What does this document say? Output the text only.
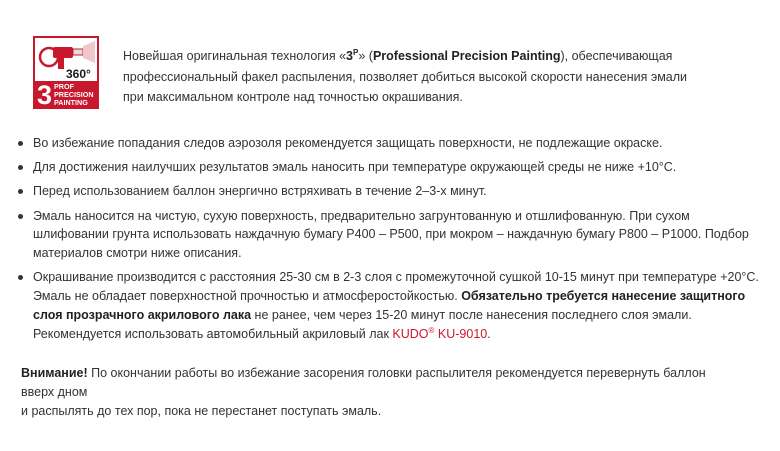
360°
3 PROF
PRECISION
PAINTING
Новейшая оригинальная технология «$3^P$» (Professional Precision Painting), обеспечивающая
профессиональный факел распыления, позволяет добиться высокой скорости нанесения эмали
при максимальном контроле над точностью окрашивания.
Во избежание попадания следов аэрозоля рекомендуется защищать поверхности, не подлежащие окраске.
Для достижения наилучших результатов эмаль наносить при температуре окружающей среды не ниже +10°C.
Перед использованием баллон энергично встряхивать в течение 2–3-х минут.
Эмаль наносится на чистую, сухую поверхность, предварительно загрунтованную и отшлифованную. При сухом шлифовании грунта использовать наждачную бумагу P400 – P500, при мокром – наждачную бумагу P800 – P1000. Подбор материалов смотри ниже описания.
Окрашивание производится с расстояния 25-30 см в 2-3 слоя с промежуточной сушкой 10-15 минут при температуре +20°C.
Эмаль не обладает поверхностной прочностью и атмосферостойкостью. Обязательно требуется нанесение защитного слоя прозрачного акрилового лака не ранее, чем через 15-20 минут после нанесения последнего слоя эмали. Рекомендуется использовать автомобильный акриловый лак KUDO® KU-9010.
Внимание! По окончании работы во избежание засорения головки распылителя рекомендуется перевернуть баллон вверх дном
и распылять до тех пор, пока не перестанет поступать эмаль.
